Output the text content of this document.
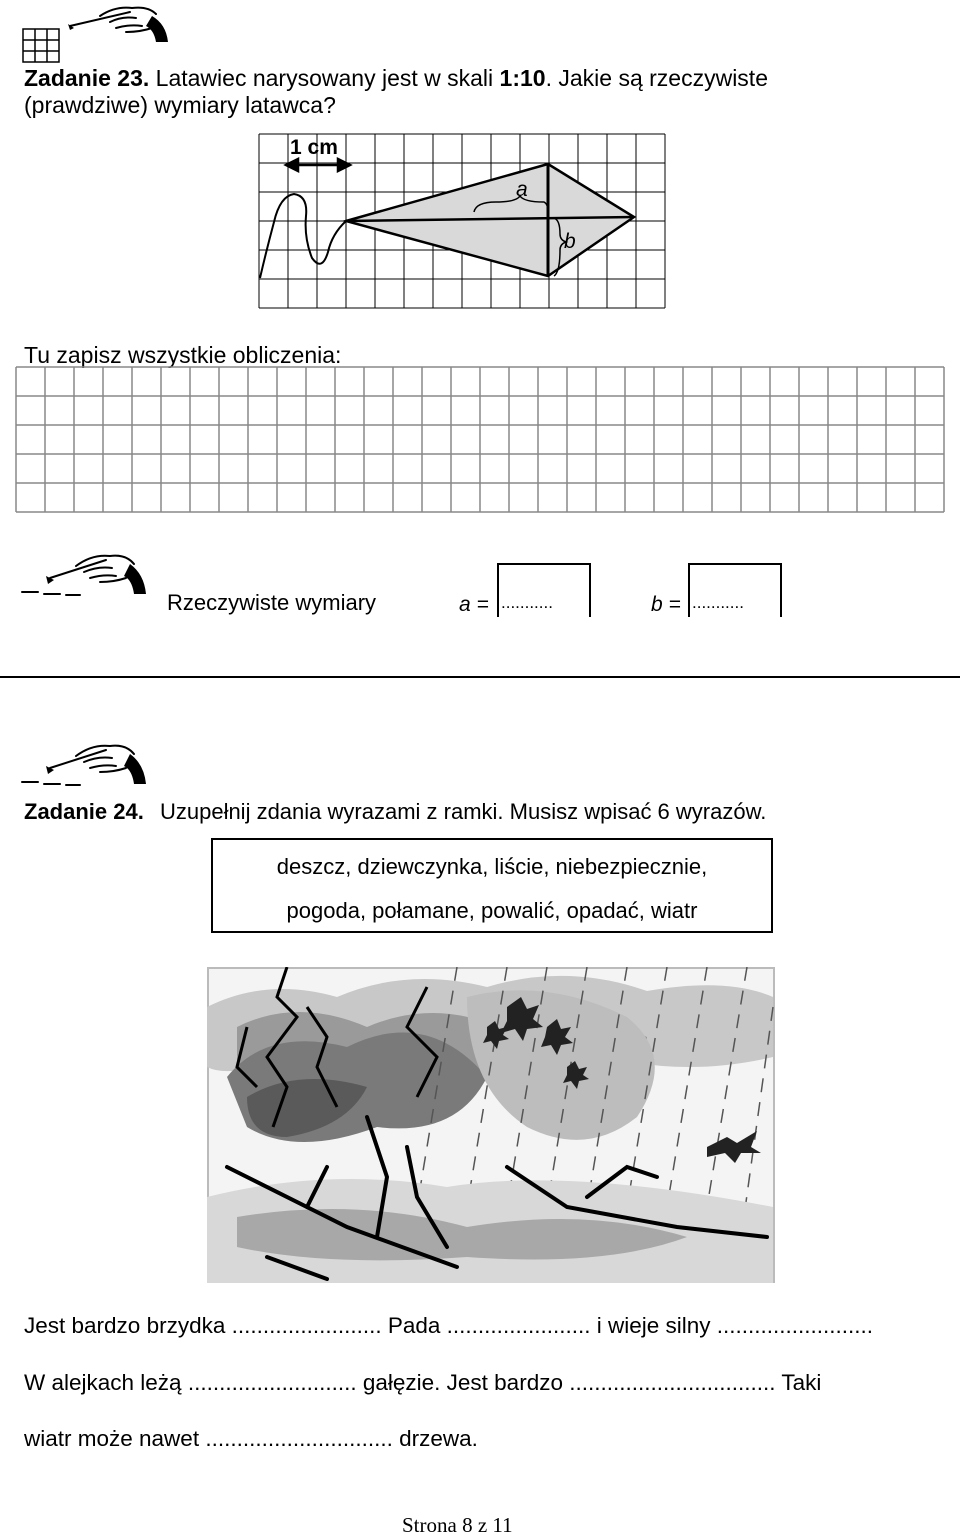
Zadanie 23. Latawiec narysowany jest w skali 1:10. Jakie są rzeczywiste
(prawdziwe) wymiary latawca?
1 cm
a
b
Tu zapisz wszystkie obliczenia:
Rzeczywiste wymiary	a = ...........	b = ...........
Zadanie 24. Uzupełnij zdania wyrazami z ramki. Musisz wpisać 6 wyrazów.
deszcz, dziewczynka, liście, niebezpiecznie,
pogoda, połamane, powalić, opadać, wiatr
Jest bardzo brzydka ........................ Pada ....................... i wieje silny .........................
W alejkach leżą ........................... gałęzie. Jest bardzo ................................. Taki
wiatr może nawet .............................. drzewa.
Strona 8 z 11
